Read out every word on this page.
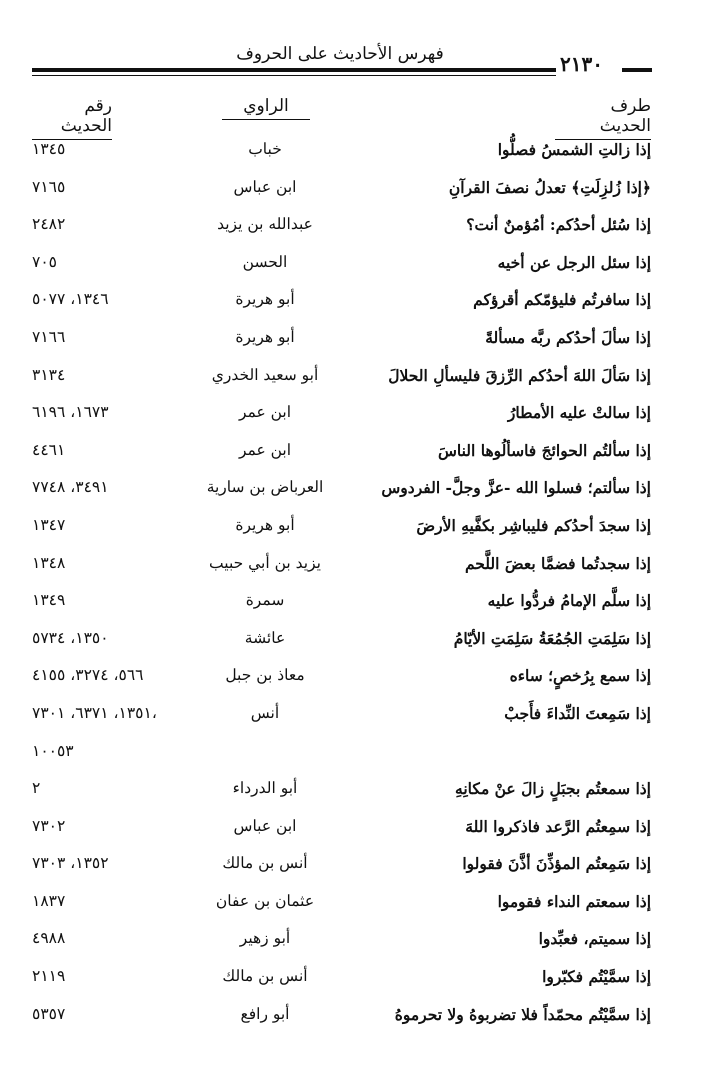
فهرس الأحاديث على الحروف	٢١٣٠
طرف الحديث
الراوي
رقم الحديث
إذا زالتِ الشمسُ فصلُّوا
خباب
١٣٤٥
﴿إذا زُلزِلَتِ﴾ تعدلُ نصفَ القرآنِ
ابن عباس
٧١٦٥
إذا سُئل أحدُكم: أمُؤمنٌ أنت؟
عبدالله بن يزيد
٢٤٨٢
إذا سئل الرجل عن أخيه
الحسن
٧٠٥
إذا سافرتُم فليؤمّكم أقرؤكم
أبو هريرة
١٣٤٦، ٥٠٧٧
إذا سألَ أحدُكم ربَّه مسألةً
أبو هريرة
٧١٦٦
إذا سَألَ اللهَ أحدُكم الرِّزقَ فليسألِ الحلالَ
أبو سعيد الخدري
٣١٣٤
إذا سالتْ عليه الأمطارُ
ابن عمر
١٦٧٣، ٦١٩٦
إذا سألتُم الحوائجَ فاسألُوها الناسَ
ابن عمر
٤٤٦١
إذا سألتم؛ فسلوا الله -عزَّ وجلَّ- الفردوس
العرباض بن سارية
٣٤٩١، ٧٧٤٨
إذا سجدَ أحدُكم فليباشِر بكفَّيهِ الأرضَ
أبو هريرة
١٣٤٧
إذا سجدتُما فضمَّا بعضَ اللَّحم
يزيد بن أبي حبيب
١٣٤٨
إذا سلَّم الإمامُ فردُّوا عليه
سمرة
١٣٤٩
إذا سَلِمَتِ الجُمُعَةُ سَلِمَتِ الأيّامُ
عائشة
١٣٥٠، ٥٧٣٤
إذا سمع بِرُخصٍ؛ ساءه
معاذ بن جبل
٥٦٦، ٣٢٧٤، ٤١٥٥
إذا سَمِعتَ النِّداءَ فأَجبْ
أنس
١٣٥١، ٦٣٧١، ٧٣٠١،
١٠٠٥٣
إذا سمعتُم بجبَلٍ زالَ عنْ مكانِهِ
أبو الدرداء
٢
إذا سمِعتُم الرَّعد فاذكروا اللهَ
ابن عباس
٧٣٠٢
إذا سَمِعتُم المؤذِّنَ أذَّنَ فقولوا
أنس بن مالك
١٣٥٢، ٧٣٠٣
إذا سمعتم النداء فقوموا
عثمان بن عفان
١٨٣٧
إذا سميتم، فعبِّدوا
أبو زهير
٤٩٨٨
إذا سمَّيْتُم فكبّروا
أنس بن مالك
٢١١٩
إذا سمَّيْتُم محمّداً فلا تضربوهُ ولا تحرموهُ
أبو رافع
٥٣٥٧
